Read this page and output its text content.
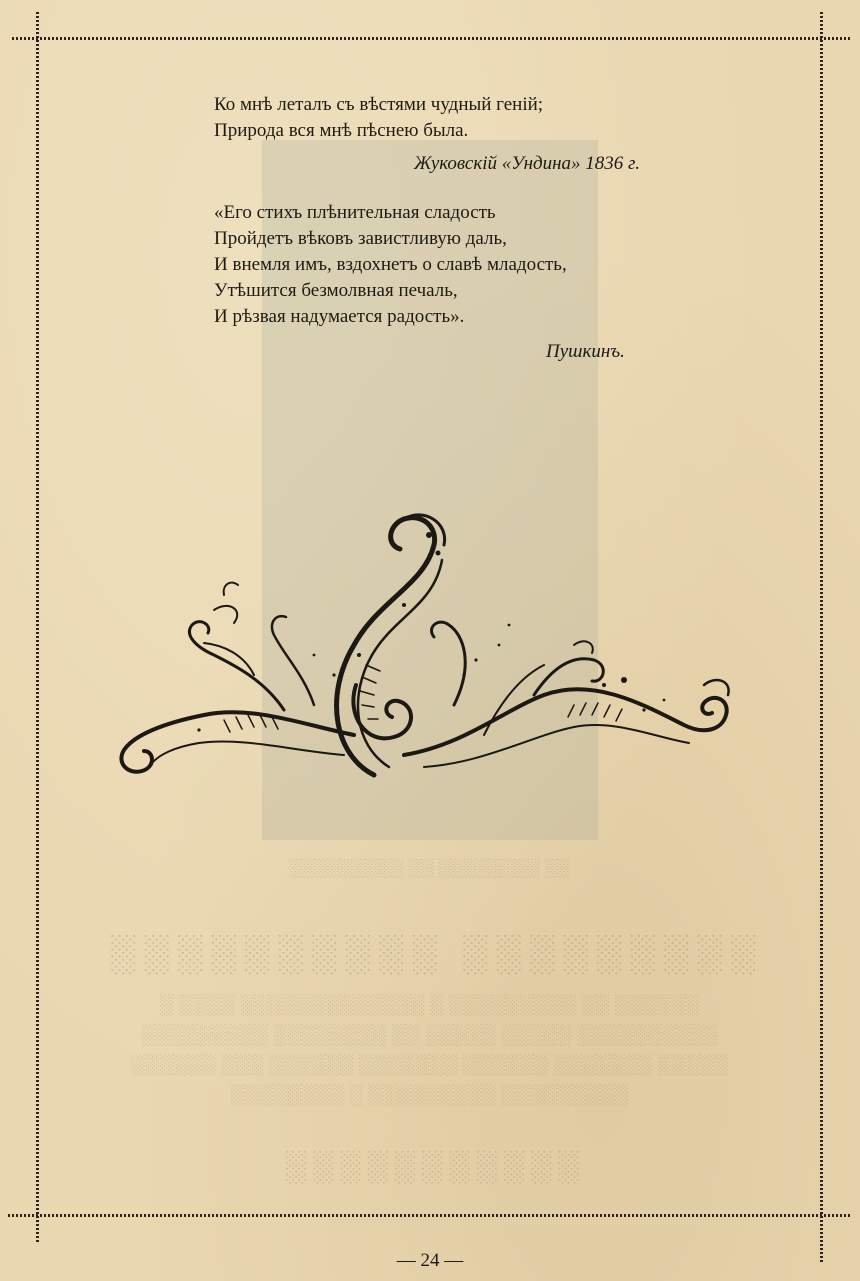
░░ ░░░░░░░░ ░░ ░░░░░░░░░
░░░░░░░░░ ░░░░░░░░░░
░░░░░░ ░░ ░░░░░░░░░ ░ ░░░░░░░░░░░░░ ░░░░ ░
░░░░░░░░░░ ░░░░░ ░░░░░ ░░ ░░░░░░░░ ░░░░░░░░░
░░░░░ ░░░░░░░ ░░░░░░ ░░░░░░░ ░░░░░░ ░░░ ░░░░░░
░░░░░░░░░ ░░░░░░░░░ ░ ░░░░░░░░
░░░░░░░░░░░
Ко мнѣ леталъ съ вѣстями чудный геній;
Природа вся мнѣ пѣснею была.
Жуковскій «Ундина» 1836 г.
«Его стихъ плѣнительная сладость
Пройдетъ вѣковъ завистливую даль,
И внемля имъ, вздохнетъ о славѣ младость,
Утѣшится безмолвная печаль,
И рѣзвая надумается радость».
Пушкинъ.
— 24 —
